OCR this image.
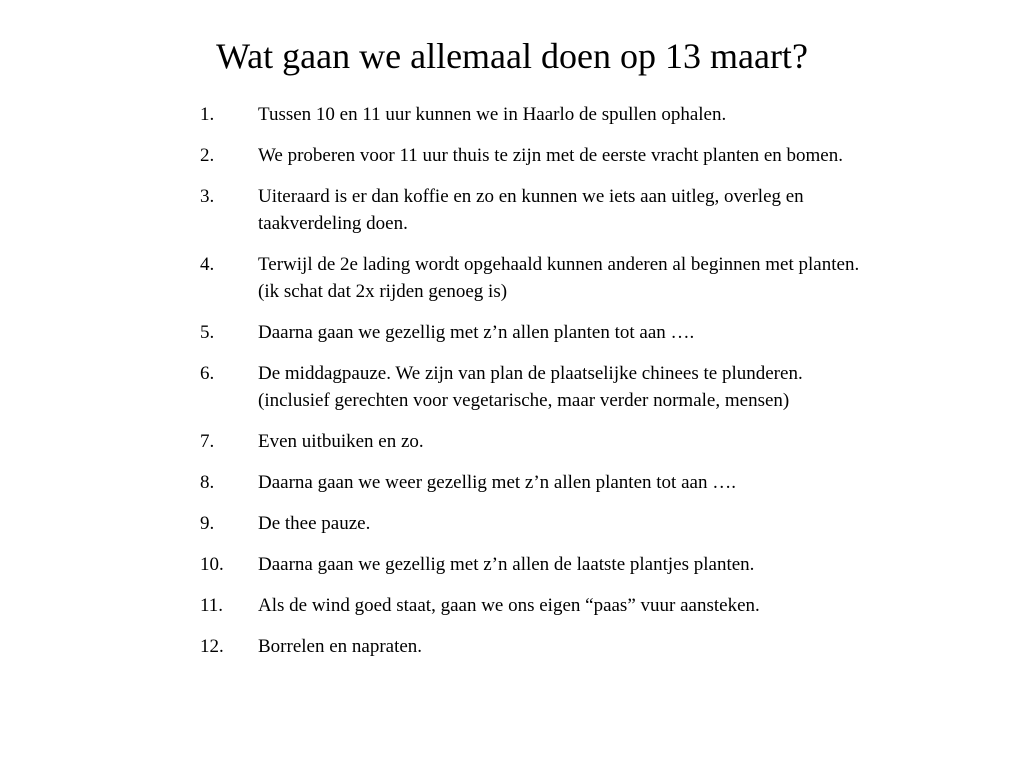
Wat gaan we allemaal doen op 13 maart?
1.	Tussen 10 en 11 uur kunnen we in Haarlo de spullen ophalen.
2.	We proberen voor 11 uur thuis te zijn met de eerste vracht planten en bomen.
3.	Uiteraard is er dan koffie en zo en kunnen we iets aan uitleg, overleg en taakverdeling doen.
4.	Terwijl de 2e lading wordt opgehaald kunnen anderen al beginnen met planten. (ik schat dat 2x rijden genoeg is)
5.	Daarna gaan we gezellig met z’n allen planten tot aan ….
6.	De middagpauze. We zijn van plan de plaatselijke chinees te plunderen. (inclusief gerechten voor vegetarische, maar verder normale, mensen)
7.	Even uitbuiken en zo.
8.	Daarna gaan we weer gezellig met z’n allen planten tot aan ….
9.	De thee pauze.
10.	Daarna gaan we gezellig met z’n allen de laatste plantjes planten.
11.	Als de wind goed staat, gaan we ons eigen “paas” vuur aansteken.
12.	Borrelen en napraten.
